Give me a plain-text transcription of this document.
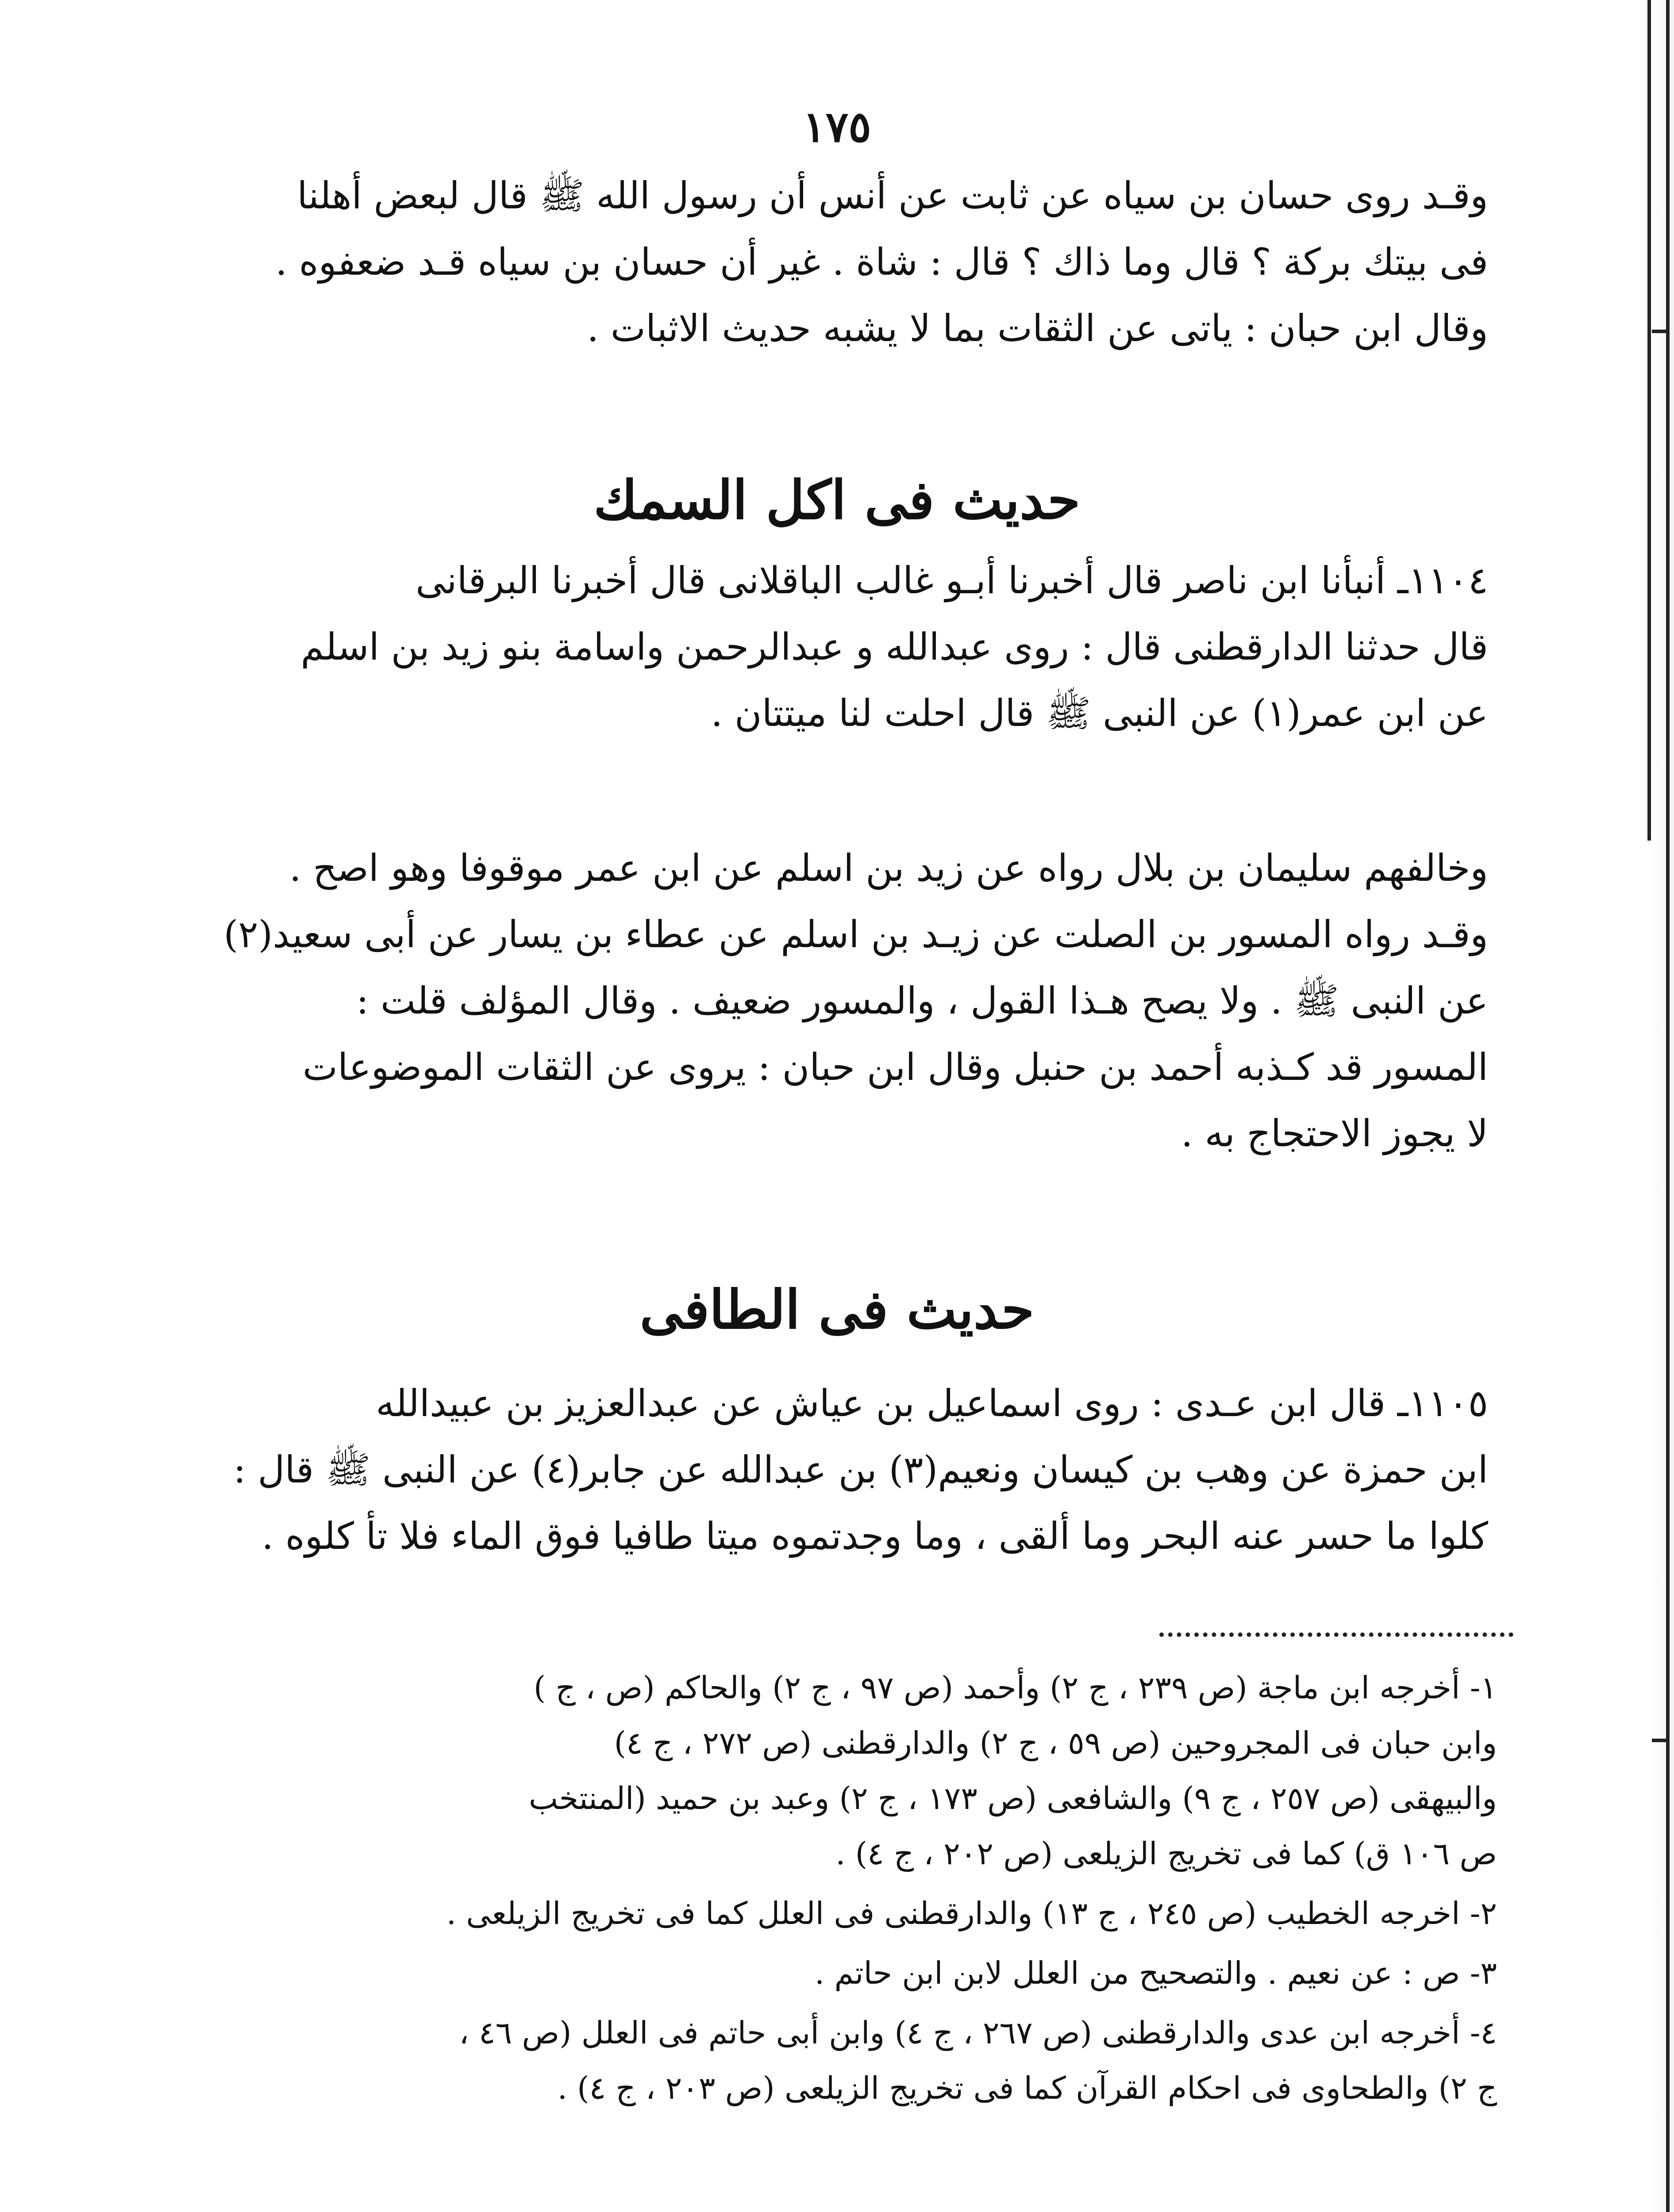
١٧٥
وقـد روى حسان بن سياه عن ثابت عن أنس أن رسول الله ﷺ قال لبعض أهلنا
فى بيتك بركة ؟ قال وما ذاك ؟ قال : شاة . غير أن حسان بن سياه قـد ضعفوه .
وقال ابن حبان : ياتى عن الثقات بما لا يشبه حديث الاثبات .
حديث فى اكل السمك
١١٠٤ـ أنبأنا ابن ناصر قال أخبرنا أبـو غالب الباقلانى قال أخبرنا البرقانى
قال حدثنا الدارقطنى قال : روى عبدالله و عبدالرحمن واسامة بنو زيد بن اسلم
عن ابن عمر(١) عن النبى ﷺ قال احلت لنا ميتتان .
وخالفهم سليمان بن بلال رواه عن زيد بن اسلم عن ابن عمر موقوفا وهو اصح .
وقـد رواه المسور بن الصلت عن زيـد بن اسلم عن عطاء بن يسار عن أبى سعيد(٢)
عن النبى ﷺ . ولا يصح هـذا القول ، والمسور ضعيف . وقال المؤلف قلت :
المسور قد كـذبه أحمد بن حنبل وقال ابن حبان : يروى عن الثقات الموضوعات
لا يجوز الاحتجاج به .
حديث فى الطافى
١١٠٥ـ قال ابن عـدى : روى اسماعيل بن عياش عن عبدالعزيز بن عبيدالله
ابن حمزة عن وهب بن كيسان ونعيم(٣) بن عبدالله عن جابر(٤) عن النبى ﷺ قال :
كلوا ما حسر عنه البحر وما ألقى ، وما وجدتموه ميتا طافيا فوق الماء فلا تأ كلوه .
١- أخرجه ابن ماجة (ص ٢٣٩ ، ج ٢) وأحمد (ص ٩٧ ، ج ٢) والحاكم (ص ، ج )
وابن حبان فى المجروحين (ص ٥٩ ، ج ٢) والدارقطنى (ص ٢٧٢ ، ج ٤)
والبيهقى (ص ٢٥٧ ، ج ٩) والشافعى (ص ١٧٣ ، ج ٢) وعبد بن حميد (المنتخب
ص ١٠٦ ق) كما فى تخريج الزيلعى (ص ٢٠٢ ، ج ٤) .
٢- اخرجه الخطيب (ص ٢٤٥ ، ج ١٣) والدارقطنى فى العلل كما فى تخريج الزيلعى .
٣- ص : عن نعيم . والتصحيح من العلل لابن ابن حاتم .
٤- أخرجه ابن عدى والدارقطنى (ص ٢٦٧ ، ج ٤) وابن أبى حاتم فى العلل (ص ٤٦ ،
ج ٢) والطحاوى فى احكام القرآن كما فى تخريج الزيلعى (ص ٢٠٣ ، ج ٤) .
